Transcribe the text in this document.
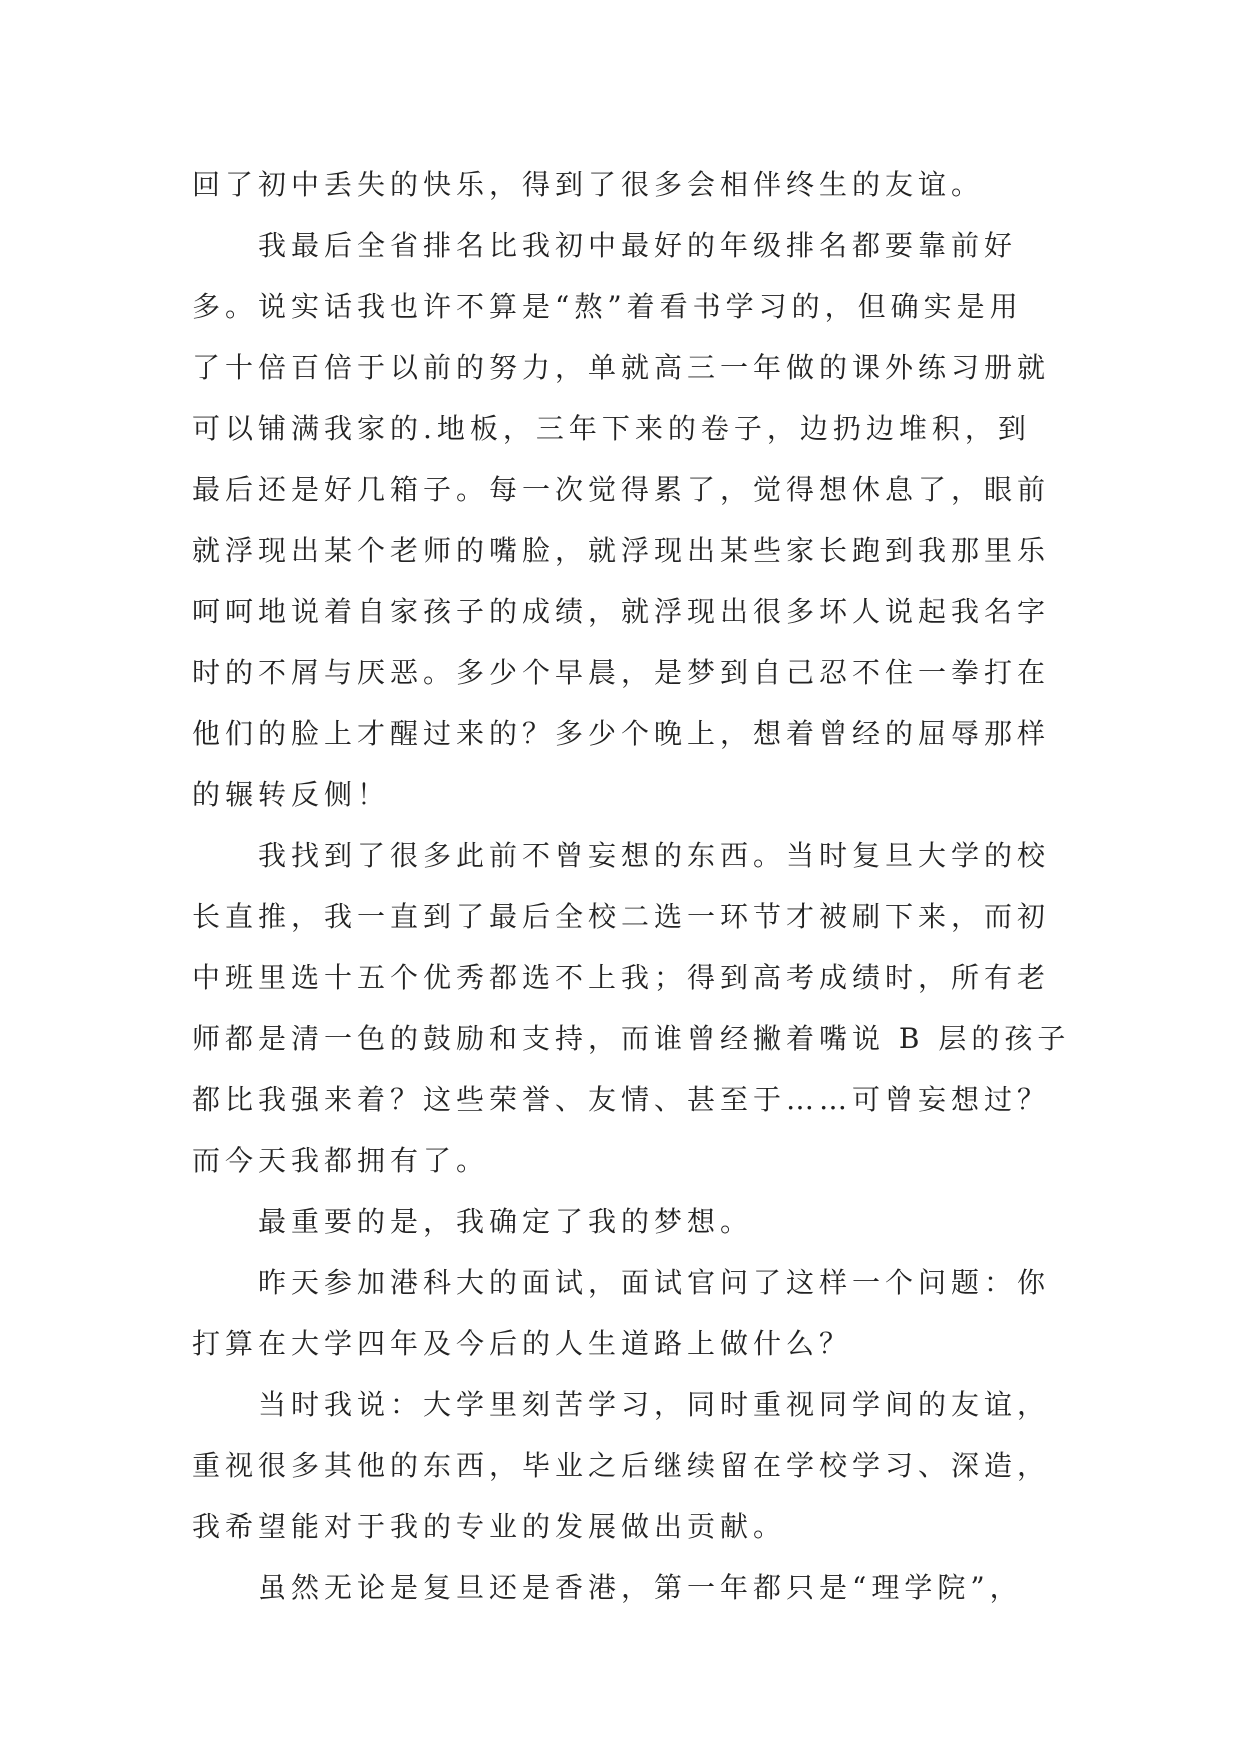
回了初中丢失的快乐，得到了很多会相伴终生的友谊。
我最后全省排名比我初中最好的年级排名都要靠前好
多。说实话我也许不算是“熬”着看书学习的，但确实是用
了十倍百倍于以前的努力，单就高三一年做的课外练习册就
可以铺满我家的.地板，三年下来的卷子，边扔边堆积，到
最后还是好几箱子。每一次觉得累了，觉得想休息了，眼前
就浮现出某个老师的嘴脸，就浮现出某些家长跑到我那里乐
呵呵地说着自家孩子的成绩，就浮现出很多坏人说起我名字
时的不屑与厌恶。多少个早晨，是梦到自己忍不住一拳打在
他们的脸上才醒过来的？多少个晚上，想着曾经的屈辱那样
的辗转反侧！
我找到了很多此前不曾妄想的东西。当时复旦大学的校
长直推，我一直到了最后全校二选一环节才被刷下来，而初
中班里选十五个优秀都选不上我；得到高考成绩时，所有老
师都是清一色的鼓励和支持，而谁曾经撇着嘴说 B 层的孩子
都比我强来着？这些荣誉、友情、甚至于……可曾妄想过？
而今天我都拥有了。
最重要的是，我确定了我的梦想。
昨天参加港科大的面试，面试官问了这样一个问题：你
打算在大学四年及今后的人生道路上做什么？
当时我说：大学里刻苦学习，同时重视同学间的友谊，
重视很多其他的东西，毕业之后继续留在学校学习、深造，
我希望能对于我的专业的发展做出贡献。
虽然无论是复旦还是香港，第一年都只是“理学院”，
